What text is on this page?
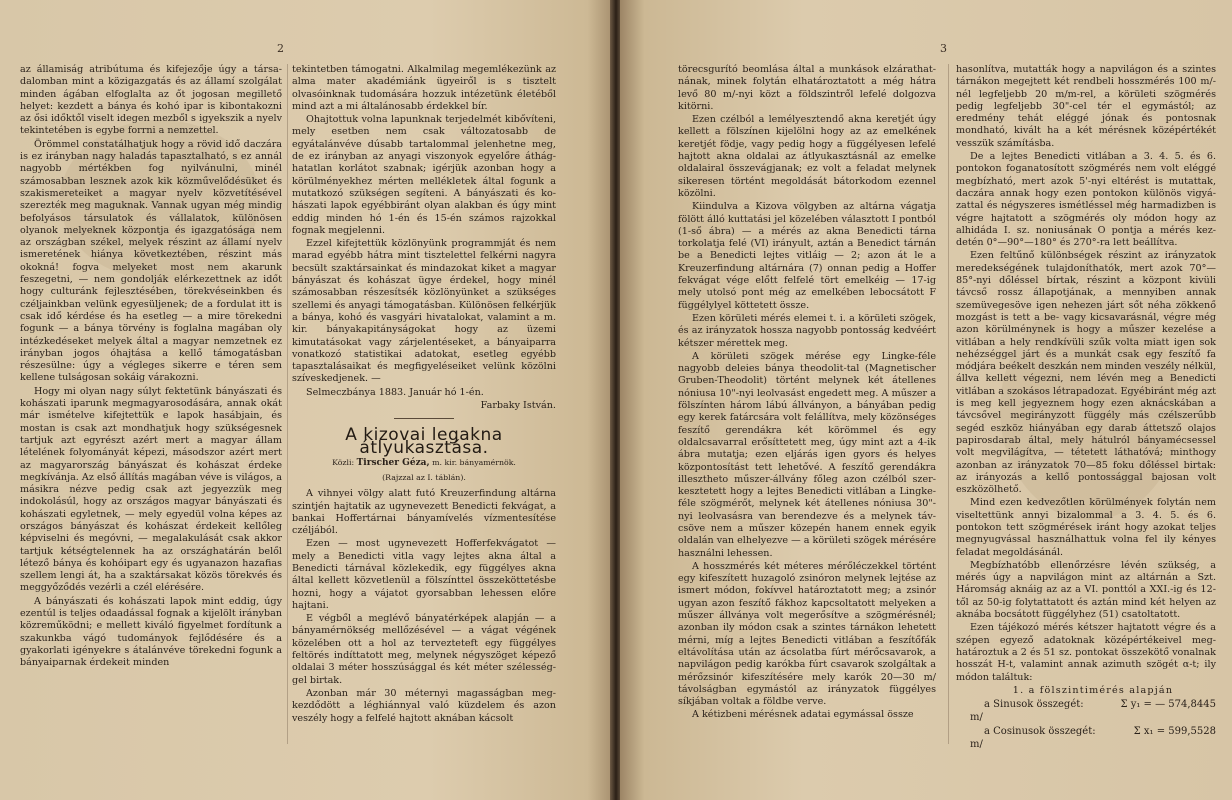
2

az államiság atribútuma és kifejezője úgy a társadalomban mint a közigazgatás és az államí szolgálat minden ágában elfoglalta az őt jogosan megillető helyet: kezdett a bánya és kohó ipar is kibontakozni az ősi időktől viselt idegen mezből s igyekszik a nyelv tekintetében is egybe forrni a nemzettel.

Örömmel constatálhatjuk hogy a rövid idő daczára is ez irányban nagy haladás tapasztalható, s ez annál nagyobb mértékben fog nyilvánulni, minél számosabban lesznek azok kik közművelődésüket és szakismereteiket a magyar nyelv közvetítésével szerezték meg maguknak. Vannak ugyan még mindig befolyásos társulatok és vállalatok, különösen olyanok melyeknek központja és igazgatósága nem az országban székel, melyek részint az államí nyelv ismeretének hiánya következtében, részint más okokná! fogva melyeket most nem akarunk feszegetni, — nem gondolják elérkezettnek az időt hogy culturánk fejlesztésében, törekvéseinkben és czéljainkban velünk egyesüljenek; de a fordulat itt is csak idő kérdése és ha esetleg — a mire törekedni fogunk — a bánya törvény is foglalna magában oly intézkedéseket melyek által a magyar nemzetnek ez irányban jogos óhajtása a kellő támogatásban részesülne: úgy a végleges sikerre e téren sem kellene tulságosan sokáig várakozni.

Hogy mi olyan nagy súlyt fektetünk bányászati és kohászati iparunk megmagyarosodására, annak okát már ismételve kifejtettük e lapok hasábjain, és mostan is csak azt mondhatjuk hogy szükségesnek tartjuk azt egyrészt azért mert a magyar állam lételének folyományát képezi, másodszor azért mert az magyarország bányászat és kohászat érdeke megkívánja. Az első állítás magában véve is világos, a másikra nézve pedig csak azt jegyezzük meg indokolásúl, hogy az országos magyar bányászati és kohászati egyletnek, — mely egyedül volna képes az országos bányászat és kohászat érdekeit kellőleg képviselni és megóvni, — megalakulását csak akkor tartjuk kétségtelennek ha az országhatárán belől létező bánya és kohóipart egy és ugyanazon hazafias szellem lengi át, ha a szaktársakat közös törekvés és meggyőződés vezérli a czél elérésére.

A bányászati és kohászati lapok mint eddig, úgy ezentúl is teljes odaadással fognak a kijelölt irányban közreműködni; e mellett kiváló figyelmet fordítunk a szakunkba vágó tudományok fejlődésére és a gyakorlati igényekre s átalánvéve törekedni fogunk a bányaiparnak érdekeit minden

tekintetben támogatni. Alkalmilag megemlékezünk az alma mater akadémiánk ügyeiről is s tisztelt olvasóinknak tudomására hozzuk intézetünk életéből mind azt a mi általánosabb érdekkel bír.

Ohajtottuk volna lapunknak terjedelmét kibővíteni, mely esetben nem csak változatosabb de egyátalánvéve dúsabb tartalommal jelenhetne meg, de ez irányban az anyagi viszonyok egyelőre áthághatatlan korlátot szabnak; igérjük azonban hogy a körülményekhez mérten mellékletek által fogunk a mutatkozó szükségen segíteni. A bányászati és kohászati lapok egyébbiránt olyan alakban és úgy mint eddig minden hó 1-én és 15-én számos rajzokkal fognak megjelenni.

Ezzel kifejtettük közlönyünk programmját és nem marad egyébb hátra mint tisztelettel felkérni nagyra becsült szaktársainkat és mindazokat kiket a magyar bányászat és kohászat ügye érdekel, hogy minél számosabban részesítsék közlönyünket a szükséges szellemi és anyagi támogatásban. Különösen felkérjük a bánya, kohó és vasgyári hivatalokat, valamint a m. kir. bányakapitányságokat hogy az üzemi kimutatásokat vagy zárjelentéseket, a bányaiparra vonatkozó statistikai adatokat, esetleg egyébb tapasztalásaikat és megfigyeléseiket velünk közölni szíveskedjenek. —

Selmeczbánya 1883. Január hó 1-én.

Farbaky István.

A kizovai legakna átlyukasztása.
Közli: Tirscher Géza, m. kir. bányamérnök.
(Rajzzal az I. táblán).

A vihnyei völgy alatt futó Kreuzerfindung altárna szintjén hajtatik az ugynevezett Benedicti fekvágat, a bankai Hoffertárnai bányamívelés vízmentesítése czéljából.

Ezen — most ugynevezett Hofferfekvágatot — mely a Benedicti vitla vagy lejtes akna által a Benedicti tárnával közlekedik, egy függélyes akna által kellett közvetlenül a fölszínttel összeköttetésbe hozni, hogy a vájatot gyorsabban lehessen előre hajtani.

E végből a meglévő bányatérképek alapján — a bányamérnökség mellőzésével — a vágat végének közelében ott a hol az tervezteteft egy függélyes feltörés indíttatott meg, melynek négyszöget képező oldalai 3 méter hosszúsággal és két méter szélességgel birtak.

Azonban már 30 méternyi magasságban megkezdődött a léghiánnyal való küzdelem és azon veszély hogy a felfelé hajtott aknában kácsolt

3

törecsgurító beomlása által a munkások elzárathatnának, minek folytán elhatároztatott a még hátra levő 80 m/-nyi közt a földszintről lefelé dolgozva kitörni.

Ezen czélból a lemélyesztendő akna keretjét úgy kellett a fölszínen kijelölni hogy az az emelkének keretjét födje, vagy pedig hogy a függélyesen lefelé hajtott akna oldalai az átlyukasztásnál az emelke oldalairal összevágjanak; ez volt a feladat melynek sikeresen történt megoldását bátorkodom ezennel közölni.

Kiindulva a Kizova völgyben az altárna vágatja fölött álló kuttatási jel közelében választott I pontból (1-ső ábra) — a mérés az akna Benedicti tárna torkolatja felé (VI) irányult, aztán a Benedict tárnán be a Benedicti lejtes vitláig — 2; azon át le a Kreuzerfindung altárnára (7) onnan pedig a Hoffer fekvágat vége előtt felfelé tört emelkéig — 17-ig mely utolsó pont még az emelkében lebocsátott F függélylyel köttetett össze.

Ezen körületi mérés elemei t. i. a körületi szögek, és az irányzatok hossza nagyobb pontosság kedvéért kétszer mérettek meg.

A körületi szögek mérése egy Lingke-féle nagyobb deleies bánya theodolit-tal (Magnetischer Gruben-Theodolit) történt melynek két átellenes nóniusa 10"-nyi leolvasást engedett meg. A műszer a fölszínten három lábú állványon, a bányában pedig egy kerek fatárcsára volt felállítva, mely közönséges feszítő gerendákra két körömmel és egy oldalcsavarral erősíttetett meg, úgy mint azt a 4-ik ábra mutatja; ezen eljárás igen gyors és helyes központosítást tett lehetővé. A feszítő gerendákra illesztheto műszer-állvány főleg azon czélból szerkesztetett hogy a lejtes Benedicti vitlában a Lingke-féle szögmérőt, melynek két átellenes nóniusa 30"-nyi leolvasásra van berendezve és a melynek távcsöve nem a műszer közepén hanem ennek egyik oldalán van elhelyezve — a körületi szögek mérésére használni lehessen.

A hosszmérés két méteres mérőléczekkel történt egy kifeszített huzagoló zsinóron melynek lejtése az ismert módon, fokívvel határoztatott meg; a zsinór ugyan azon feszítő fákhoz kapcsoltatott melyeken a műszer állványa volt megerősítve a szögmérésnél; azonban ily módon csak a szintes tárnákon lehetett mérni, míg a lejtes Benedicti vitlában a feszítőfák eltávolítása után az ácsolatba fúrt mérőcsavarok, a napvilágon pedig karókba fúrt csavarok szolgáltak a mérőzsinór kifeszítésére mely karók 20—30 m/ távolságban egymástól az irányzatok függélyes síkjában voltak a földbe verve.

A kétizbeni mérésnek adatai egymással össze

hasonlítva, mutatták hogy a napvilágon és a szintes tárnákon megejtett két rendbeli hosszmérés 100 m/-nél legfeljebb 20 m/m-rel, a körületi szögmérés pedig legfeljebb 30"-cel tér el egymástól; az eredmény tehát eléggé jónak és pontosnak mondható, kivált ha a két mérésnek középértékét vesszük számításba.

De a lejtes Benedicti vitlában a 3. 4. 5. és 6. pontokon foganatosított szögmérés nem volt eléggé megbízható, mert azok 5'-nyi eltérést is mutattak, daczára annak hogy ezen pontokon különös vigyázattal és négyszeres ismétléssel még harmadizben is végre hajtatott a szögmérés oly módon hogy az alhidáda I. sz. noniusának O pontja a mérés kezdetén 0°—90°—180° és 270°-ra lett beállítva.

Ezen feltűnő különbségek részint az irányzatok meredekségének tulajdoníthatók, mert azok 70°—85°-nyi dőléssel bírtak, részint a központ kivüli távcső rossz állapotjának, a mennyiben annak szemüvegesöve igen nehezen járt sőt néha zökkenő mozgást is tett a be- vagy kicsavarásnál, végre még azon körülménynek is hogy a műszer kezelése a vitlában a hely rendkívüli szűk volta miatt igen sok nehézséggel járt és a munkát csak egy feszítő fa módjára beékelt deszkán nem minden veszély nélkül, állva kellett végezni, nem lévén meg a Benedicti vitlában a szokásos létrapadozat. Egyébiránt még azt is meg kell jegyeznem hogy ezen aknácskában a távcsővel megirányzott függély más czélszerűbb segéd eszköz hiányában egy darab áttetsző olajos papirosdarab által, mely hátulról bányamécsessel volt megvilágítva, — tétetett láthatóvá; minthogy azonban az irányzatok 70—85 foku dőléssel birtak: az irányozás a kellő pontossággal bajosan volt eszközölhető.

Mind ezen kedvezőtlen körülmények folytán nem viseltettünk annyi bizalommal a 3. 4. 5. és 6. pontokon tett szögmérések iránt hogy azokat teljes megnyugvással használhattuk volna fel ily kényes feladat megoldásánál.

Megbízhatóbb ellenőrzésre lévén szükség, a mérés úgy a napvilágon mint az altárnán a Szt. Háromság aknáig az az a VI. ponttól a XXI.-ig és 12-től az 50-ig folytattatott és aztán mind két helyen az aknába bocsátott függélyhez (51) csatoltatott.

Ezen tájékozó mérés kétszer hajtatott végre és a szépen egyező adatoknak középértékeivel meghatároztuk a 2 és 51 sz. pontokat összekötő vonalnak hosszát H-t, valamint annak azimuth szögét α-t; ily módon találtuk:

1. a fölszintimérés alapján

a Sinusok összegét:	Σ y₁ = — 574,8445 m/

a Cosinusok összegét:	Σ x₁ = 599,5528 m/
